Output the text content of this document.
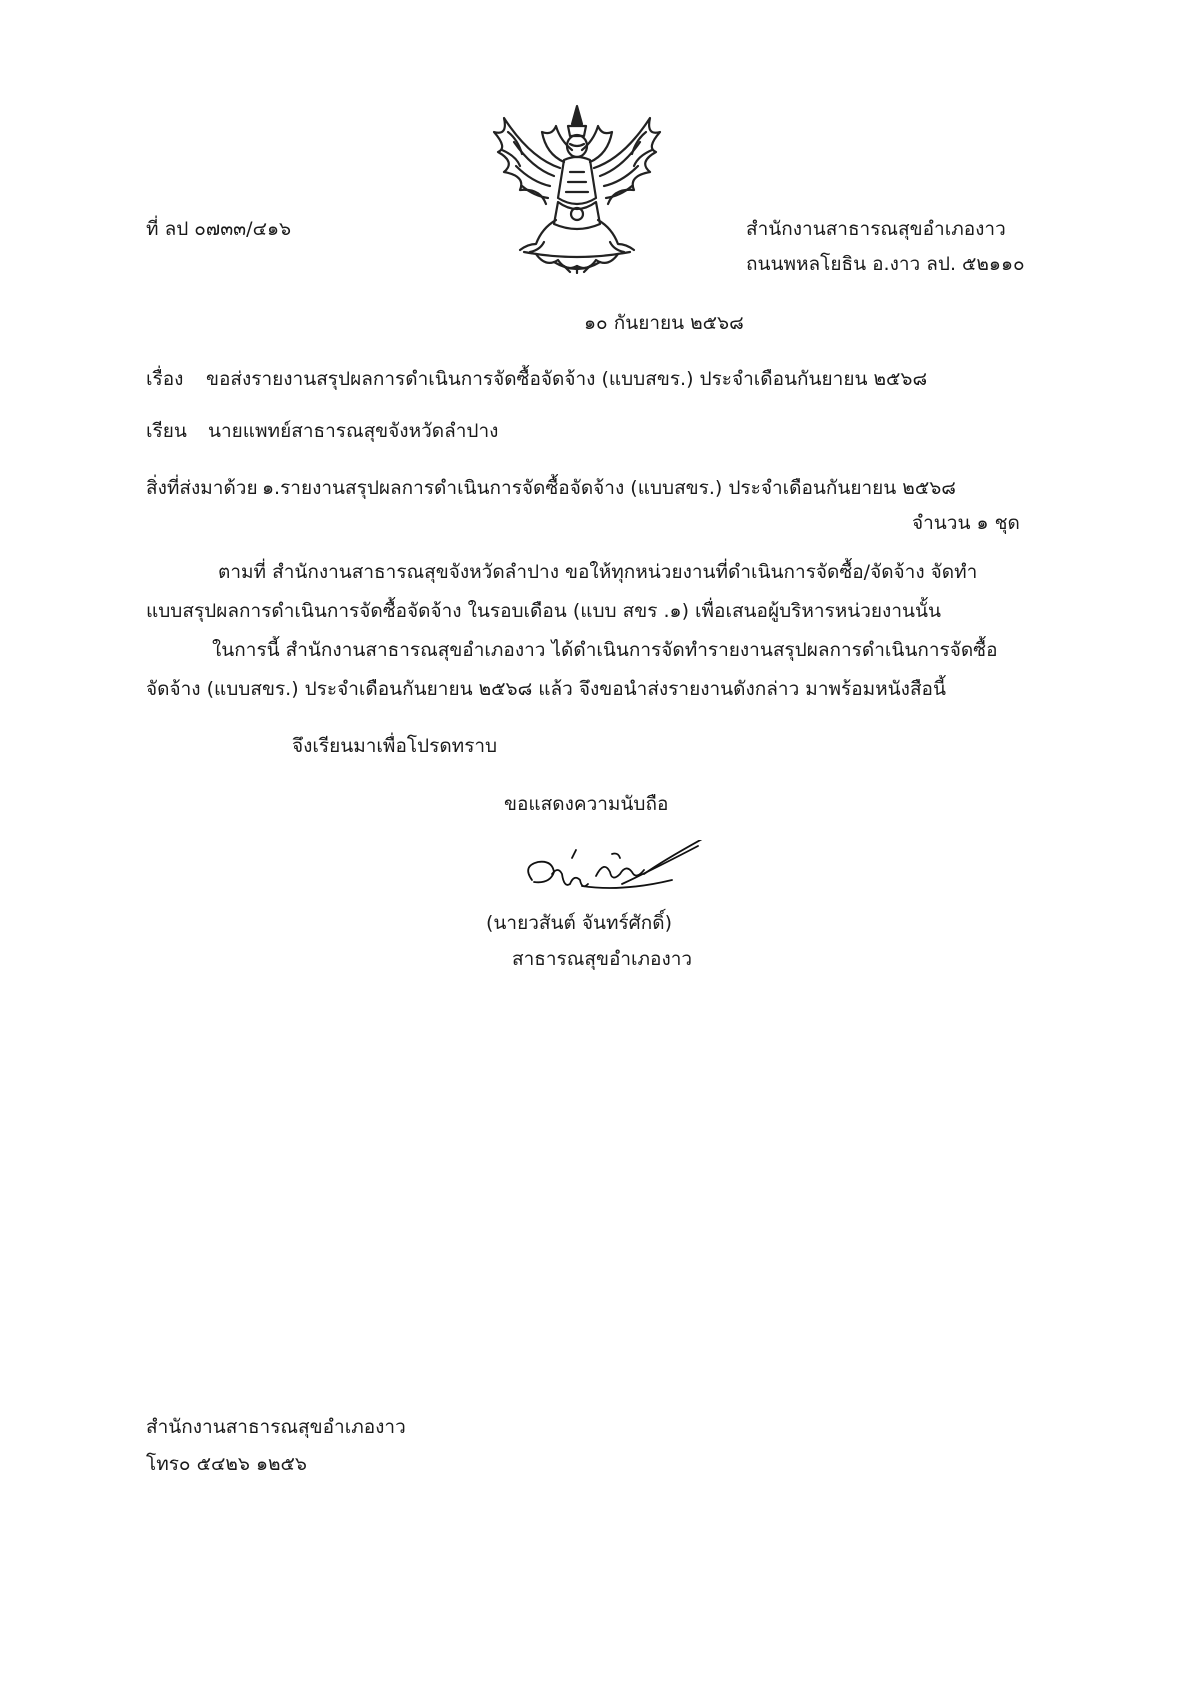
ที่ ลป ๐๗๓๓/๔๑๖	สำนักงานสาธารณสุขอำเภองาว
ถนนพหลโยธิน อ.งาว ลป. ๕๒๑๑๐
๑๐ กันยายน ๒๕๖๘
เรื่อง ขอส่งรายงานสรุปผลการดำเนินการจัดซื้อจัดจ้าง (แบบสขร.) ประจำเดือนกันยายน ๒๕๖๘
เรียน นายแพทย์สาธารณสุขจังหวัดลำปาง
สิ่งที่ส่งมาด้วย ๑.รายงานสรุปผลการดำเนินการจัดซื้อจัดจ้าง (แบบสขร.) ประจำเดือนกันยายน ๒๕๖๘
จำนวน ๑ ชุด
ตามที่ สำนักงานสาธารณสุขจังหวัดลำปาง ขอให้ทุกหน่วยงานที่ดำเนินการจัดซื้อ/จัดจ้าง จัดทำ
แบบสรุปผลการดำเนินการจัดซื้อจัดจ้าง ในรอบเดือน (แบบ สขร .๑) เพื่อเสนอผู้บริหารหน่วยงานนั้น
ในการนี้ สำนักงานสาธารณสุขอำเภองาว ได้ดำเนินการจัดทำรายงานสรุปผลการดำเนินการจัดซื้อ
จัดจ้าง (แบบสขร.) ประจำเดือนกันยายน ๒๕๖๘ แล้ว จึงขอนำส่งรายงานดังกล่าว มาพร้อมหนังสือนี้
จึงเรียนมาเพื่อโปรดทราบ
ขอแสดงความนับถือ
(นายวสันต์ จันทร์ศักดิ์)
สาธารณสุขอำเภองาว
สำนักงานสาธารณสุขอำเภองาว
โทร๐ ๕๔๒๖ ๑๒๕๖
